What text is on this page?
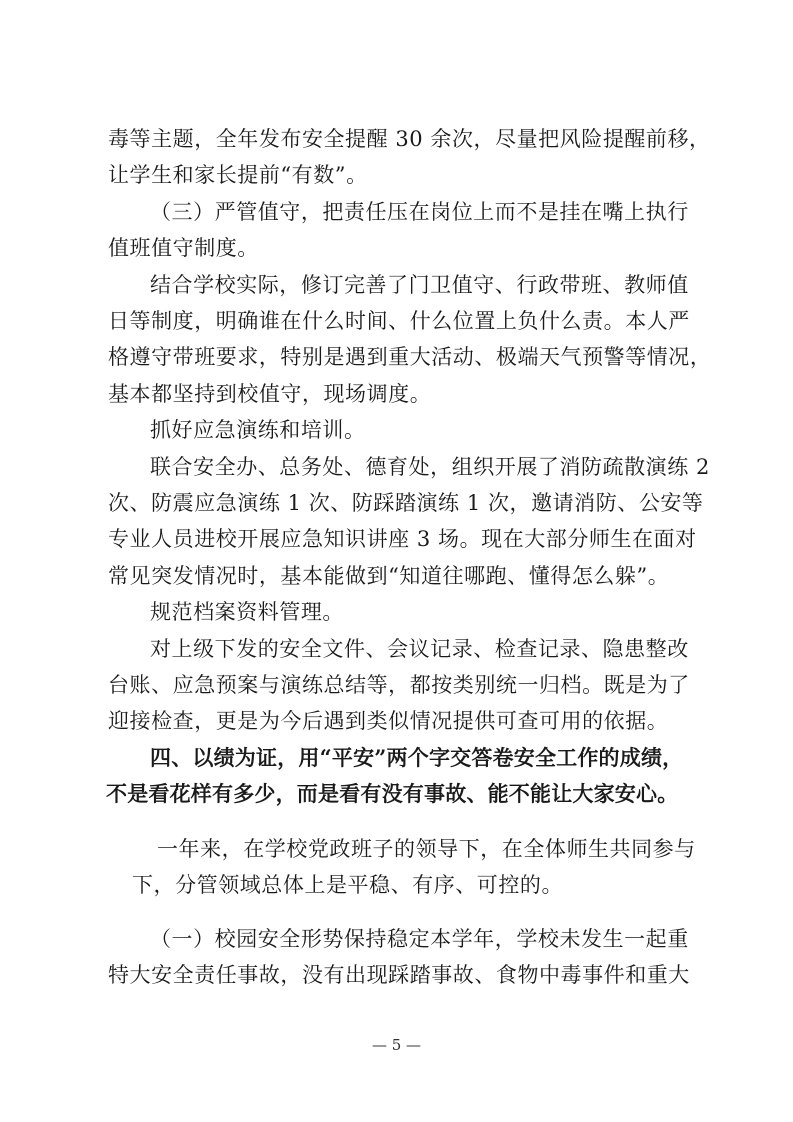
毒等主题，全年发布安全提醒 30 余次，尽量把风险提醒前移，
让学生和家长提前“有数”。
（三）严管值守，把责任压在岗位上而不是挂在嘴上执行
值班值守制度。
结合学校实际，修订完善了门卫值守、行政带班、教师值
日等制度，明确谁在什么时间、什么位置上负什么责。本人严
格遵守带班要求，特别是遇到重大活动、极端天气预警等情况，
基本都坚持到校值守，现场调度。
抓好应急演练和培训。
联合安全办、总务处、德育处，组织开展了消防疏散演练 2
次、防震应急演练 1 次、防踩踏演练 1 次，邀请消防、公安等
专业人员进校开展应急知识讲座 3 场。现在大部分师生在面对
常见突发情况时，基本能做到“知道往哪跑、懂得怎么躲”。
规范档案资料管理。
对上级下发的安全文件、会议记录、检查记录、隐患整改
台账、应急预案与演练总结等，都按类别统一归档。既是为了
迎接检查，更是为今后遇到类似情况提供可查可用的依据。
四、以绩为证，用“平安”两个字交答卷安全工作的成绩，
不是看花样有多少，而是看有没有事故、能不能让大家安心。
一年来，在学校党政班子的领导下，在全体师生共同参与
下，分管领域总体上是平稳、有序、可控的。
（一）校园安全形势保持稳定本学年，学校未发生一起重
特大安全责任事故，没有出现踩踏事故、食物中毒事件和重大
— 5 —
